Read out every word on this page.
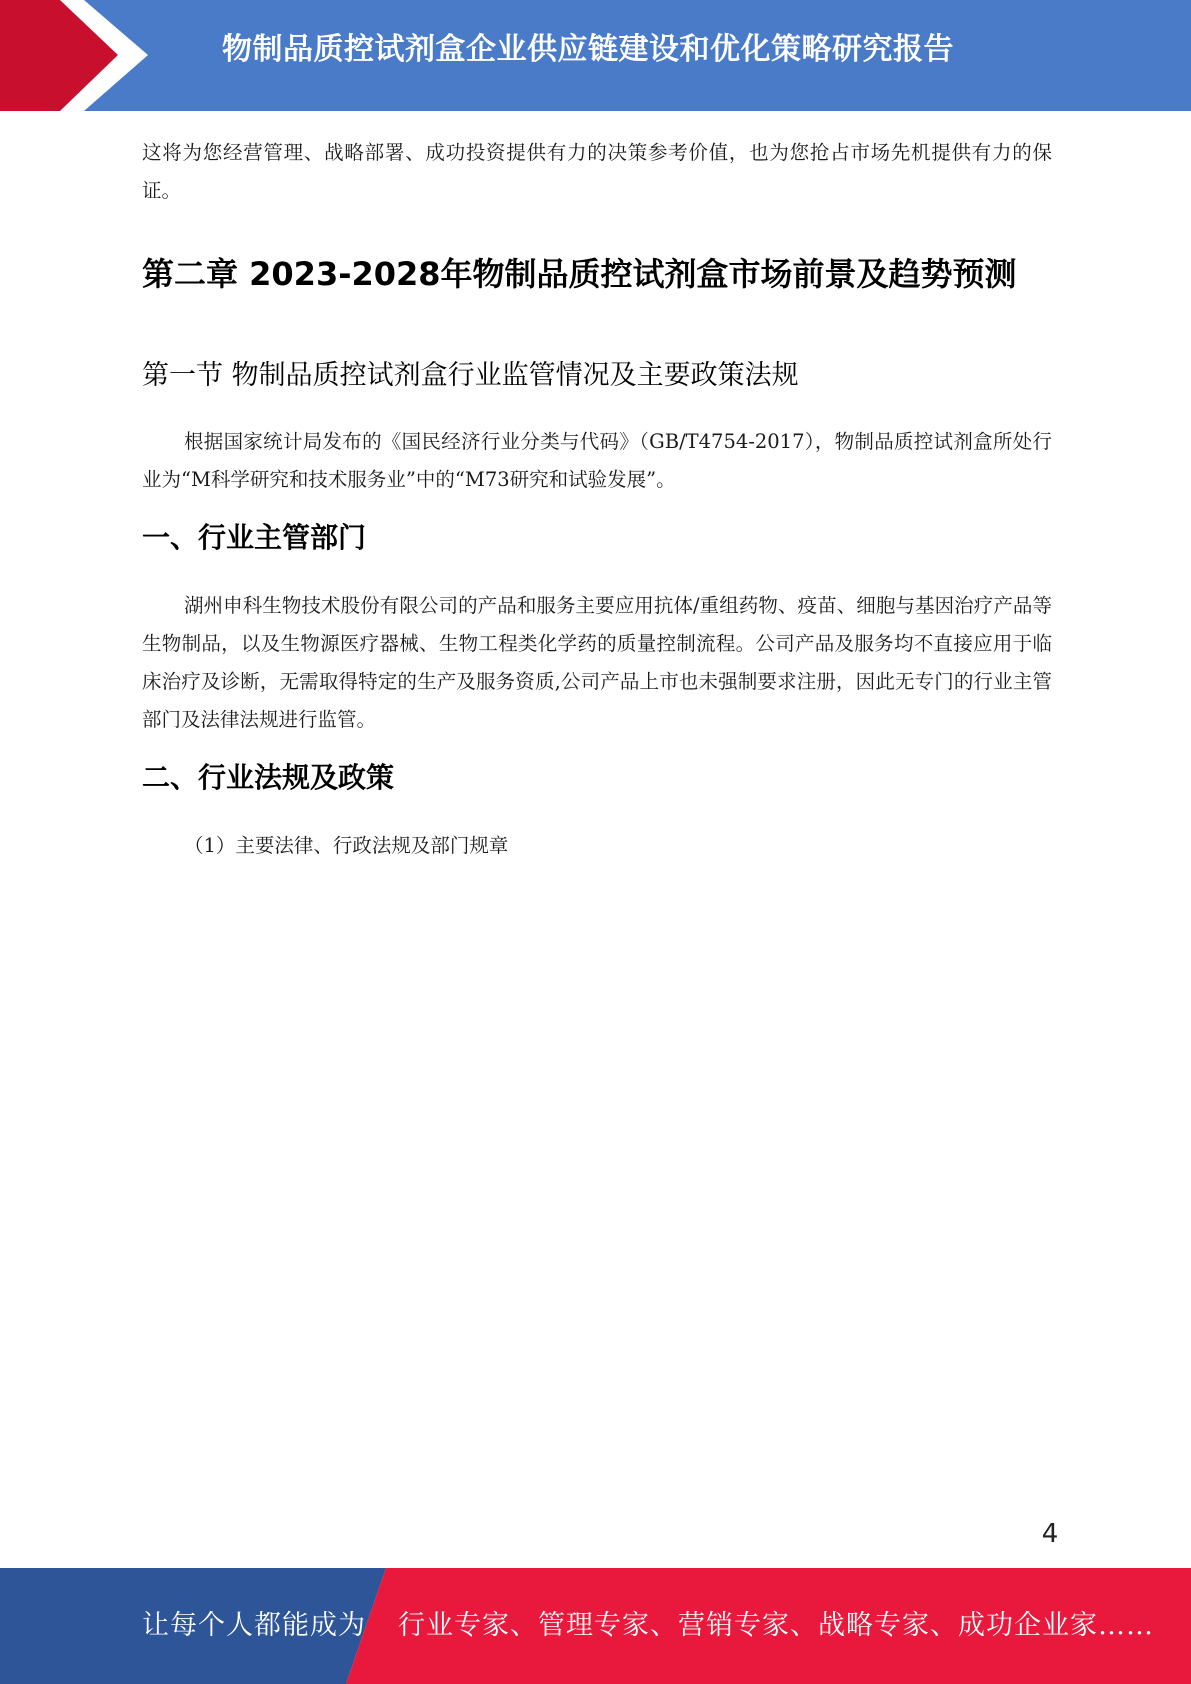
物制品质控试剂盒企业供应链建设和优化策略研究报告

这将为您经营管理、战略部署、成功投资提供有力的决策参考价值，也为您抢占市场先机提供有力的保证。

第二章 2023-2028年物制品质控试剂盒市场前景及趋势预测
第一节 物制品质控试剂盒行业监管情况及主要政策法规

根据国家统计局发布的《国民经济行业分类与代码》（GB/T4754-2017），物制品质控试剂盒所处行业为“M科学研究和技术服务业”中的“M73研究和试验发展”。

一、行业主管部门

湖州申科生物技术股份有限公司的产品和服务主要应用抗体/重组药物、疫苗、细胞与基因治疗产品等生物制品，以及生物源医疗器械、生物工程类化学药的质量控制流程。公司产品及服务均不直接应用于临床治疗及诊断，无需取得特定的生产及服务资质,公司产品上市也未强制要求注册，因此无专门的行业主管部门及法律法规进行监管。

二、行业法规及政策

（1）主要法律、行政法规及部门规章

4
让每个人都能成为 行业专家、管理专家、营销专家、战略专家、成功企业家……
